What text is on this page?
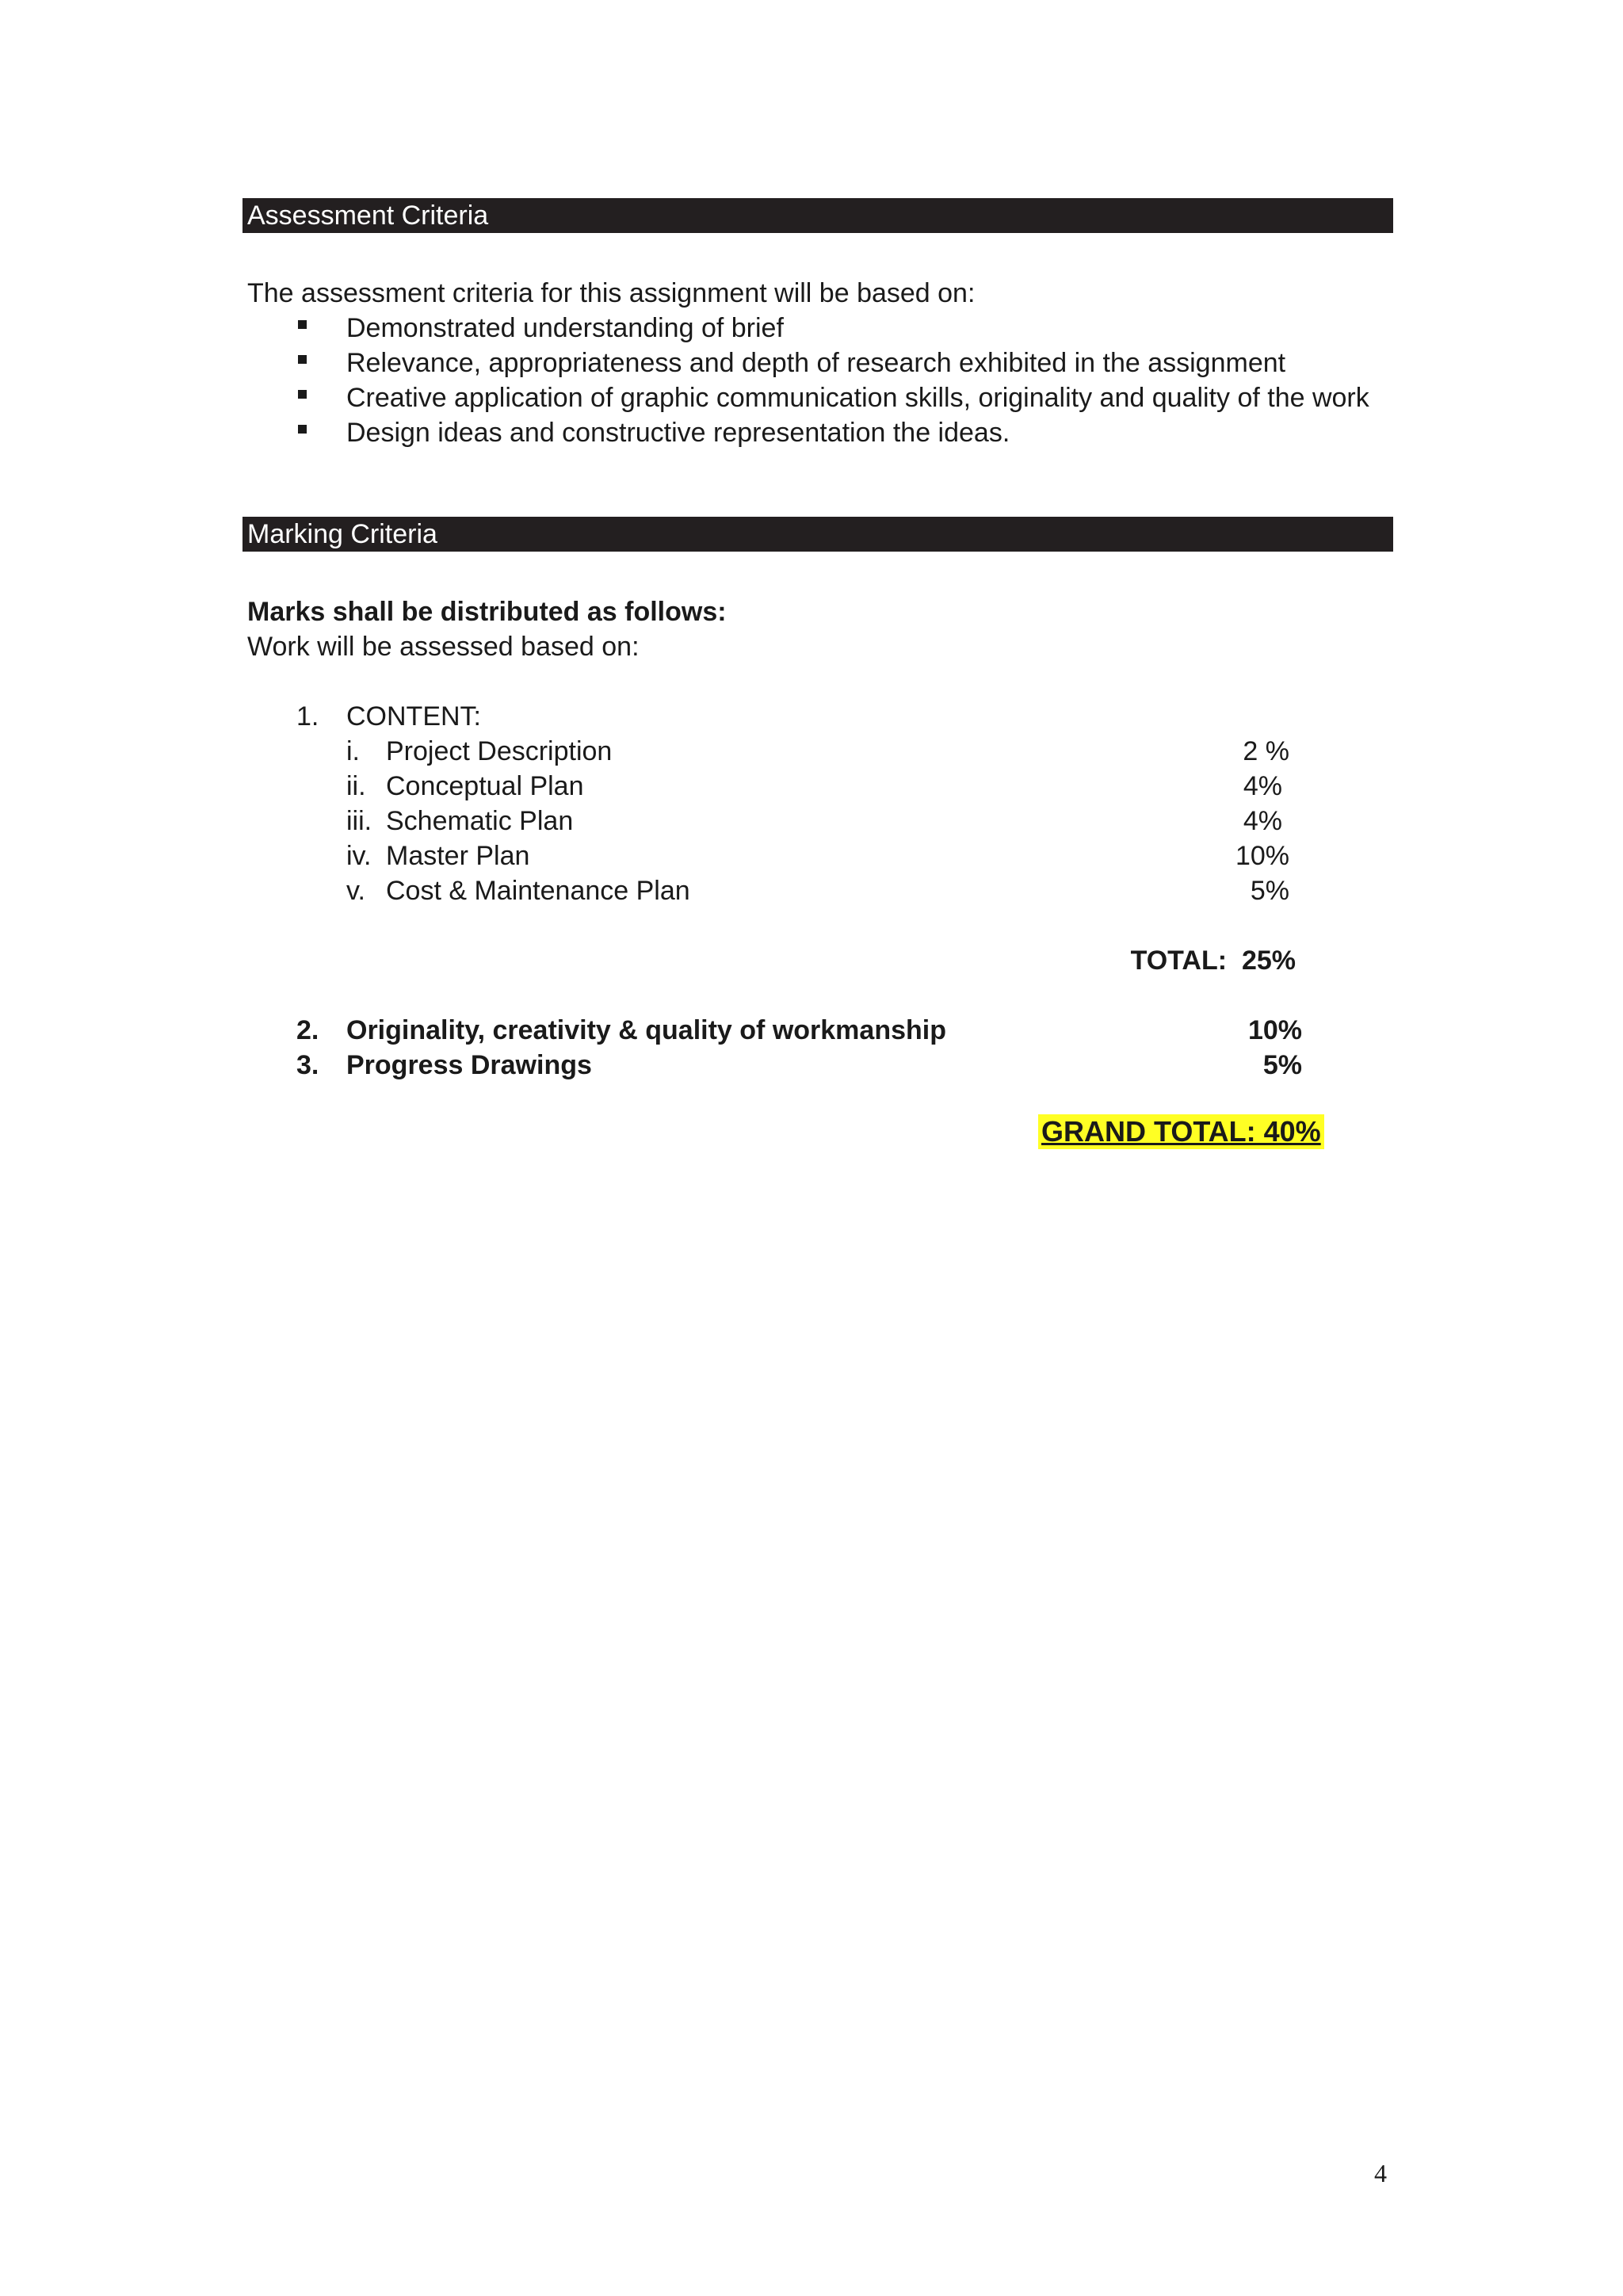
Assessment Criteria
The assessment criteria for this assignment will be based on:
Demonstrated understanding of brief
Relevance, appropriateness and depth of research exhibited in the assignment
Creative application of graphic communication skills, originality and quality of the work
Design ideas and constructive representation the ideas.
Marking Criteria
Marks shall be distributed as follows:
Work will be assessed based on:
1. CONTENT:
i. Project Description	2 %
ii. Conceptual Plan	4%
iii. Schematic Plan	4%
iv. Master Plan	10%
v. Cost & Maintenance Plan	5%
TOTAL:  25%
2. Originality, creativity & quality of workmanship	10%
3. Progress Drawings	5%
GRAND TOTAL: 40%
4
